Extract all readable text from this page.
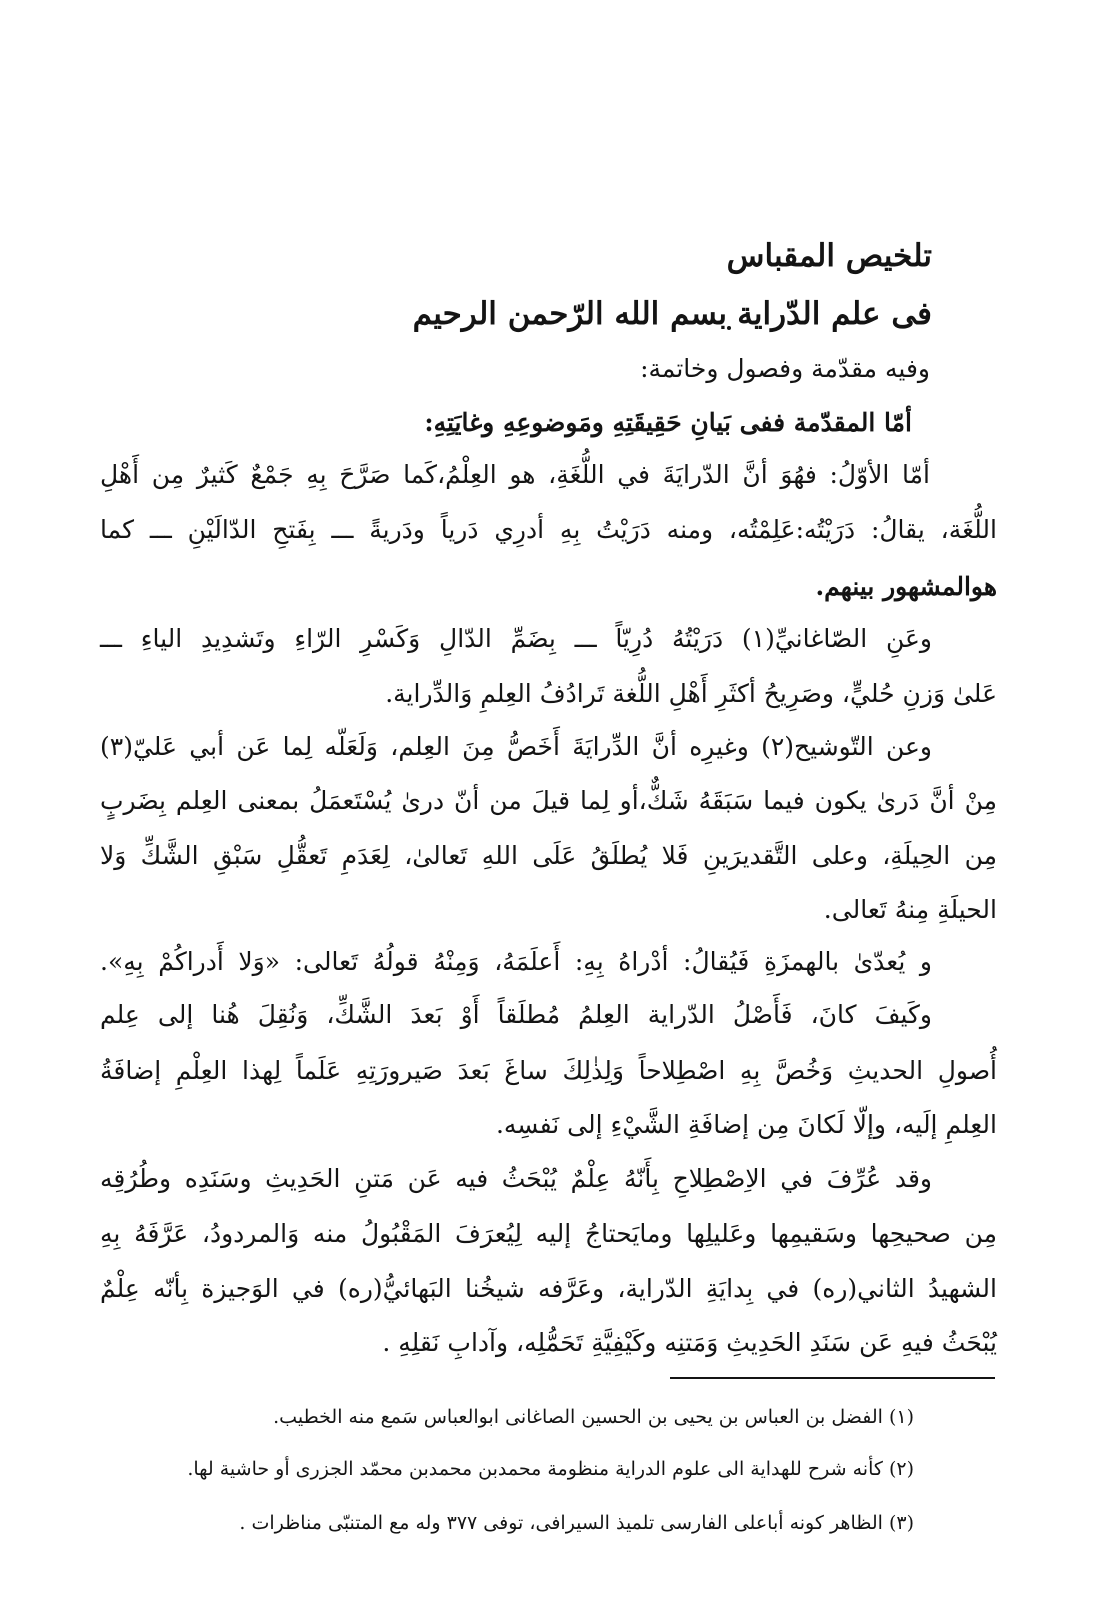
تلخيص المقباس
فى علم الدّراية
بسم الله الرّحمن الرحيم
وفيه مقدّمة وفصول وخاتمة:
أمّا المقدّمة ففى بَيانِ حَقِيقَتِهِ ومَوضوعِهِ وغايَتِهِ:
أمّا الأوّلُ: فهُوَ أنَّ الدّرايَةَ في اللُّغَةِ، هو العِلْمُ،كَما صَرَّحَ بِهِ جَمْعٌ كَثيرٌ مِن أَهْلِ
اللُّغَة، يقالُ: دَرَيْتُه:عَلِمْتُه، ومنه دَرَيْتُ بِهِ أدرِي دَرياً ودَريةً ـــ بِفَتحِ الدّالَيْنِ ـــ كما
هوالمشهور بينهم.
وعَنِ الصّاغانيِّ(١) دَرَيْتُهُ دُرِيّاً ـــ بِضَمِّ الدّالِ وَكَسْرِ الرّاءِ وتَشدِيدِ الياءِ ـــ
عَلىٰ وَزنِ حُليٍّ، وصَرِيحُ أكثَرِ أَهْلِ اللُّغة تَرادُفُ العِلمِ وَالدِّراية.
وعن التّوشيح(٢) وغيرِه أنَّ الدِّرايَةَ أَخَصُّ مِنَ العِلم، وَلَعَلّه لِما عَن أبي عَليّ(٣)
مِنْ أنَّ دَرىٰ يكون فيما سَبَقَهُ شَكٌّ،أو لِما قيلَ من أنّ درىٰ يُسْتَعمَلُ بمعنى العِلم بِضَربٍ
مِن الحِيلَةِ، وعلى التَّقديرَينِ فَلا يُطلَقُ عَلَى اللهِ تَعالىٰ، لِعَدَمِ تَعقُّلِ سَبْقِ الشَّكِّ وَلا
الحيلَةِ مِنهُ تَعالى.
و يُعدّىٰ بالهمزَةِ فَيُقالُ: أدْراهُ بِهِ: أَعلَمَهُ، وَمِنْهُ قولُهُ تَعالى: «وَلا أَدراكُمْ بِهِ».
وكَيفَ كانَ، فَأَصْلُ الدّراية العِلمُ مُطلَقاً أَوْ بَعدَ الشَّكِّ، وَنُقِلَ هُنا إلى عِلم
أُصولِ الحديثِ وَخُصَّ بِهِ اصْطِلاحاً وَلِذٰلِكَ ساغَ بَعدَ صَيرورَتِهِ عَلَماً لِهذا العِلْمِ إضافَةُ
العِلمِ إلَيه، وإلّا لَكانَ مِن إضافَةِ الشَّيْءِ إلى نَفسِه.
وقد عُرِّفَ في الاِصْطِلاحِ بِأَنّهُ عِلْمٌ يُبْحَثُ فيه عَن مَتنِ الحَدِيثِ وسَنَدِه وطُرُقِه
مِن صحيحِها وسَقيمِها وعَليلِها ومايَحتاجُ إليه لِيُعرَفَ المَقْبُولُ منه وَالمردودُ، عَرَّفَهُ بِهِ
الشهيدُ الثاني(ره) في بِدايَةِ الدّراية، وعَرَّفه شيخُنا البَهائيُّ(ره) في الوَجيزة بِأنّه عِلْمٌ
يُبْحَثُ فيهِ عَن سَنَدِ الحَدِيثِ وَمَتنِه وكَيْفِيَّةِ تَحَمُّلِه، وآدابِ نَقلِهِ .
(١) الفضل بن العباس بن يحيى بن الحسين الصاغانى ابوالعباس سَمع منه الخطيب.
(٢) كأنه شرح للهداية الى علوم الدراية منظومة محمدبن محمدبن محمّد الجزرى أو حاشية لها.
(٣) الظاهر كونه أباعلى الفارسى تلميذ السيرافى، توفى ٣٧٧ وله مع المتنبّى مناظرات .
